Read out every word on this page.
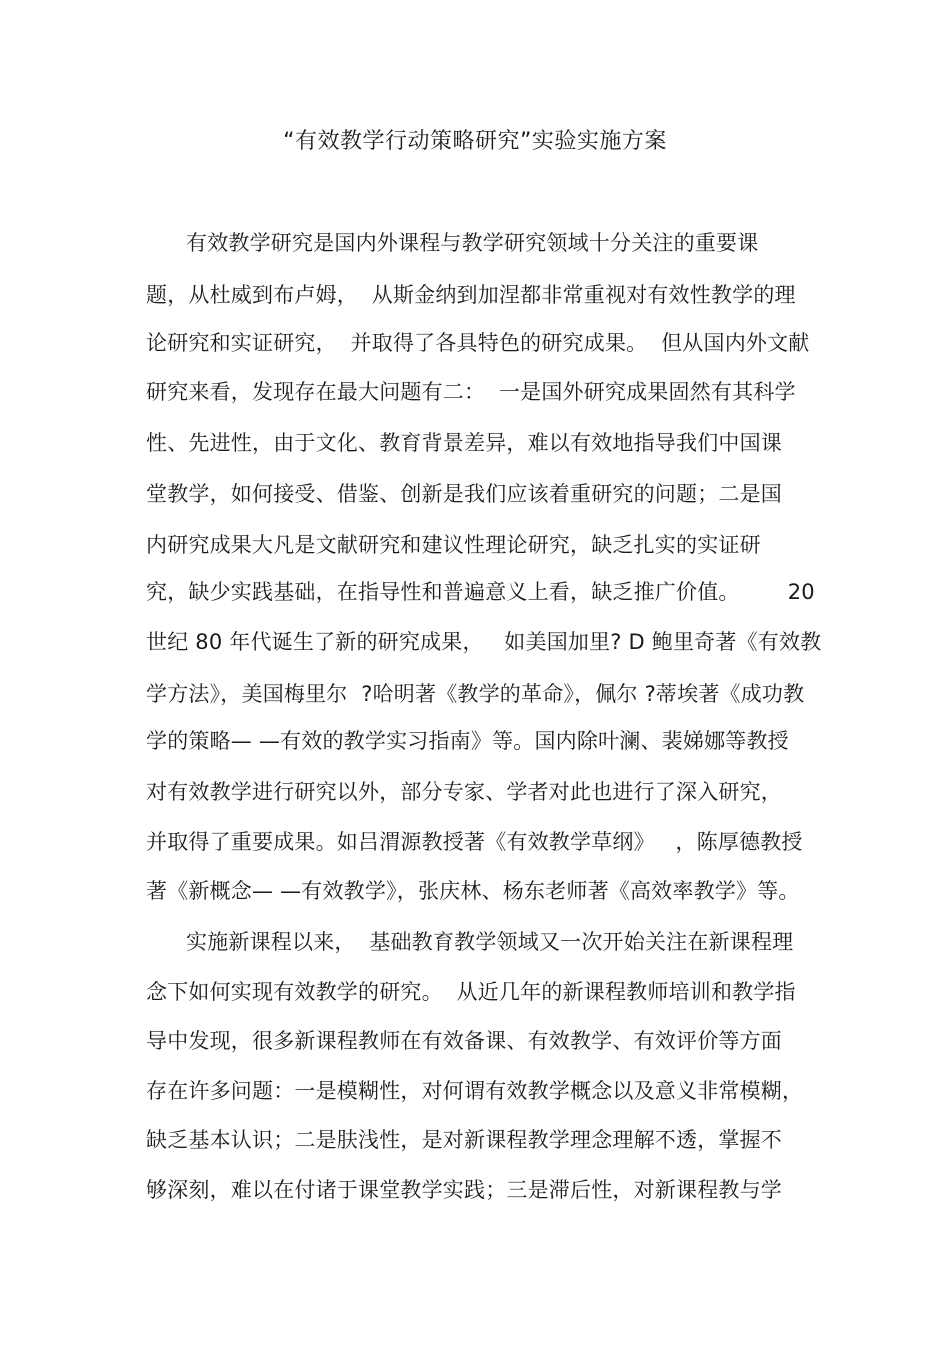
“有效教学行动策略研究”实验实施方案
有效教学研究是国内外课程与教学研究领域十分关注的重要课
题，从杜威到布卢姆，  从斯金纳到加涅都非常重视对有效性教学的理
论研究和实证研究，  并取得了各具特色的研究成果。  但从国内外文献
研究来看，发现存在最大问题有二：  一是国外研究成果固然有其科学
性、先进性，由于文化、教育背景差异，难以有效地指导我们中国课
堂教学，如何接受、借鉴、创新是我们应该着重研究的问题；二是国
内研究成果大凡是文献研究和建议性理论研究，缺乏扎实的实证研
究，缺少实践基础，在指导性和普遍意义上看，缺乏推广价值。       20
世纪 80 年代诞生了新的研究成果，   如美国加里? D 鲍里奇著《有效教
学方法》，美国梅里尔  ?哈明著《教学的革命》，佩尔 ?蒂埃著《成功教
学的策略— —有效的教学实习指南》等。国内除叶澜、裴娣娜等教授
对有效教学进行研究以外，部分专家、学者对此也进行了深入研究，
并取得了重要成果。如吕渭源教授著《有效教学草纲》   ，陈厚德教授
著《新概念— —有效教学》，张庆林、杨东老师著《高效率教学》等。
实施新课程以来，  基础教育教学领域又一次开始关注在新课程理
念下如何实现有效教学的研究。  从近几年的新课程教师培训和教学指
导中发现，很多新课程教师在有效备课、有效教学、有效评价等方面
存在许多问题：一是模糊性，对何谓有效教学概念以及意义非常模糊，
缺乏基本认识；二是肤浅性，是对新课程教学理念理解不透，掌握不
够深刻，难以在付诸于课堂教学实践；三是滞后性，对新课程教与学
